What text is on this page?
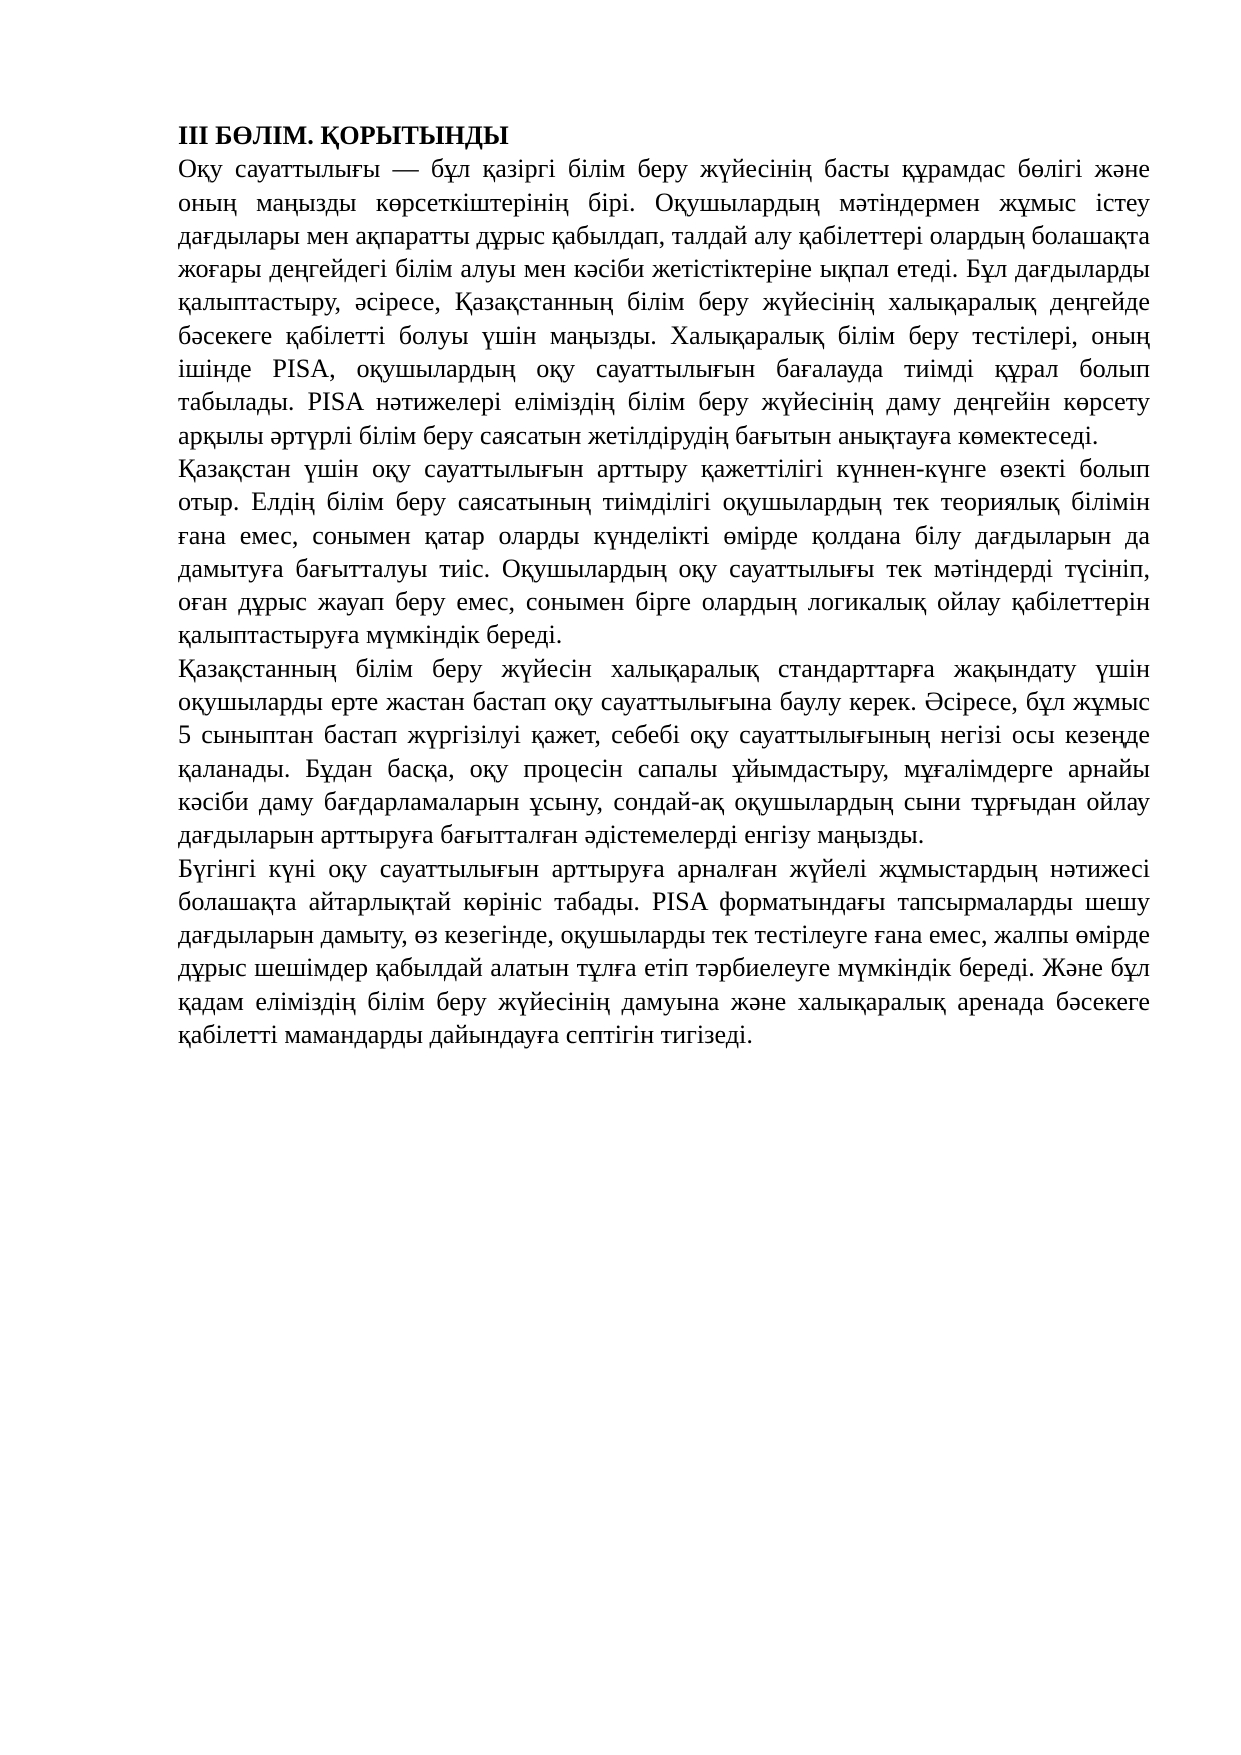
III БӨЛІМ. ҚОРЫТЫНДЫ

Оқу сауаттылығы — бұл қазіргі білім беру жүйесінің басты құрамдас бөлігі және оның маңызды көрсеткіштерінің бірі. Оқушылардың мәтіндермен жұмыс істеу дағдылары мен ақпаратты дұрыс қабылдап, талдай алу қабілеттері олардың болашақта жоғары деңгейдегі білім алуы мен кәсіби жетістіктеріне ықпал етеді. Бұл дағдыларды қалыптастыру, әсіресе, Қазақстанның білім беру жүйесінің халықаралық деңгейде бәсекеге қабілетті болуы үшін маңызды. Халықаралық білім беру тестілері, оның ішінде PISA, оқушылардың оқу сауаттылығын бағалауда тиімді құрал болып табылады. PISA нәтижелері еліміздің білім беру жүйесінің даму деңгейін көрсету арқылы әртүрлі білім беру саясатын жетілдірудің бағытын анықтауға көмектеседі.

Қазақстан үшін оқу сауаттылығын арттыру қажеттілігі күннен-күнге өзекті болып отыр. Елдің білім беру саясатының тиімділігі оқушылардың тек теориялық білімін ғана емес, сонымен қатар оларды күнделікті өмірде қолдана білу дағдыларын да дамытуға бағытталуы тиіс. Оқушылардың оқу сауаттылығы тек мәтіндерді түсініп, оған дұрыс жауап беру емес, сонымен бірге олардың логикалық ойлау қабілеттерін қалыптастыруға мүмкіндік береді.

Қазақстанның білім беру жүйесін халықаралық стандарттарға жақындату үшін оқушыларды ерте жастан бастап оқу сауаттылығына баулу керек. Әсіресе, бұл жұмыс 5 сыныптан бастап жүргізілуі қажет, себебі оқу сауаттылығының негізі осы кезеңде қаланады. Бұдан басқа, оқу процесін сапалы ұйымдастыру, мұғалімдерге арнайы кәсіби даму бағдарламаларын ұсыну, сондай-ақ оқушылардың сыни тұрғыдан ойлау дағдыларын арттыруға бағытталған әдістемелерді енгізу маңызды.

Бүгінгі күні оқу сауаттылығын арттыруға арналған жүйелі жұмыстардың нәтижесі болашақта айтарлықтай көрініс табады. PISA форматындағы тапсырмаларды шешу дағдыларын дамыту, өз кезегінде, оқушыларды тек тестілеуге ғана емес, жалпы өмірде дұрыс шешімдер қабылдай алатын тұлға етіп тәрбиелеуге мүмкіндік береді. Және бұл қадам еліміздің білім беру жүйесінің дамуына және халықаралық аренада бәсекеге қабілетті мамандарды дайындауға септігін тигізеді.
